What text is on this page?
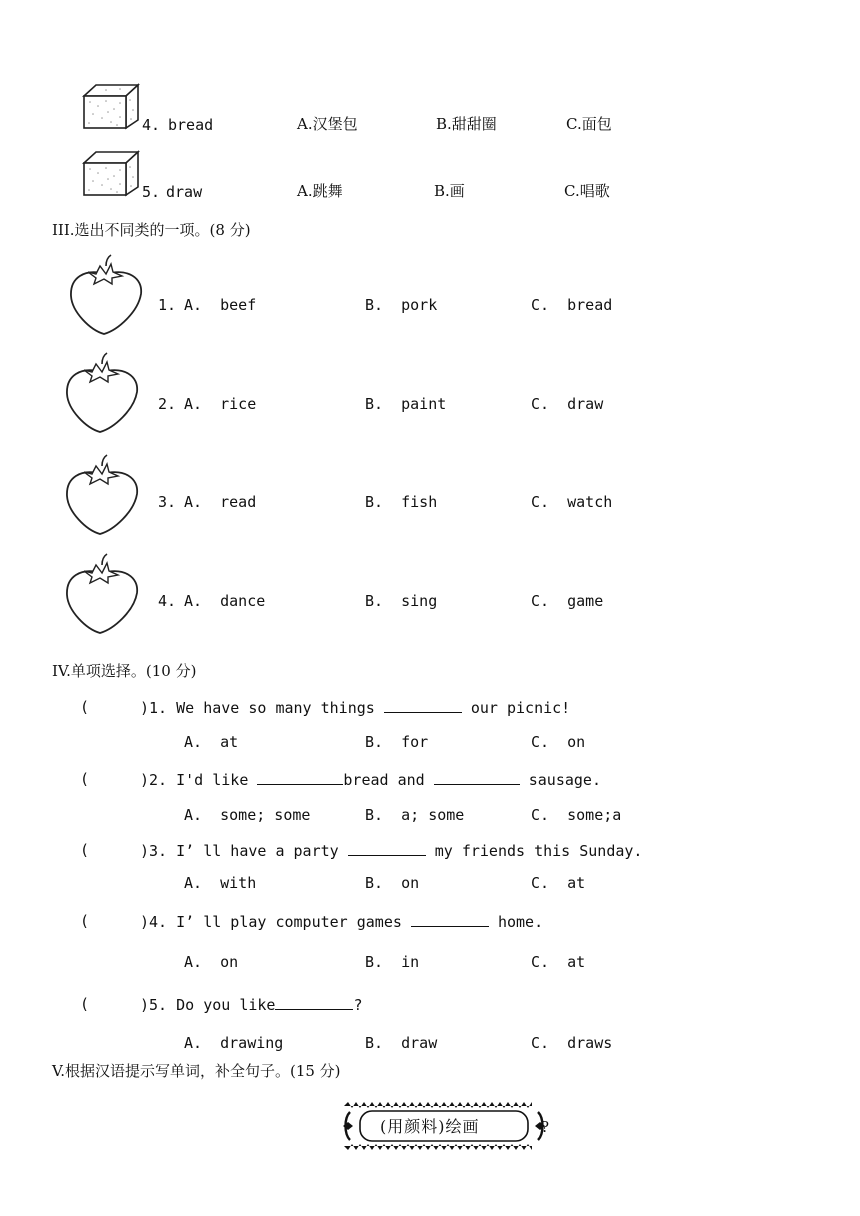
4. bread	A.汉堡包	B.甜甜圈	C.面包
5. draw	A.跳舞	B.画	C.唱歌
III.选出不同类的一项。(8 分)
1. A.  beef	B.  pork	C.  bread
2. A.  rice	B.  paint	C.  draw
3. A.  read	B.  fish	C.  watch
4. A.  dance	B.  sing	C.  game
IV.单项选择。(10 分)
(	)1. We have so many things	our picnic!
A.  at	B.  for	C.  on
(	)2. I'd like	bread and	sausage.
A.  some; some	B.  a; some	C.  some;a
(	)3. I’ ll have a party	my friends this Sunday.
A.  with	B.  on	C.  at
(	)4. I’ ll play computer games	home.
A.  on	B.  in	C.  at
(	)5. Do you like	?
A.  drawing	B.  draw	C.  draws
V.根据汉语提示写单词，补全句子。(15 分)
(用颜料)绘画	?
